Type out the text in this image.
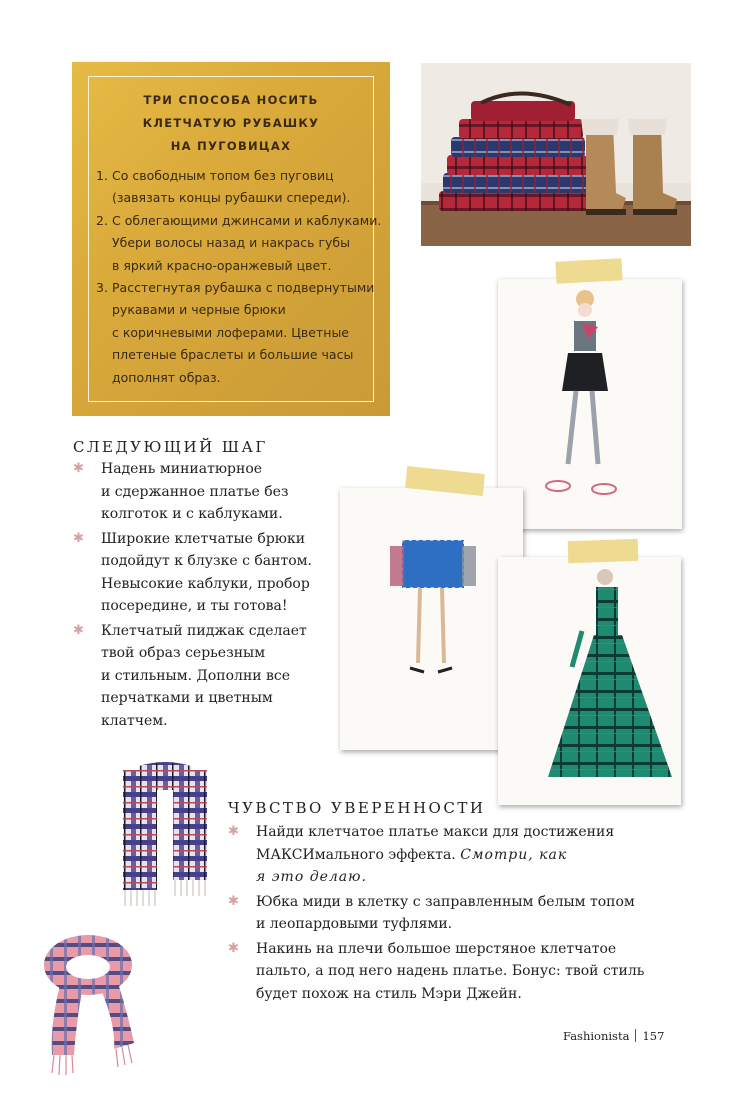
ТРИ СПОСОБА НОСИТЬ
КЛЕТЧАТУЮ РУБАШКУ
НА ПУГОВИЦАХ
1. Со свободным топом без пуговиц
(завязать концы рубашки спереди).
2. С облегающими джинсами и каблуками.
Убери волосы назад и накрась губы
в яркий красно-оранжевый цвет.
3. Расстегнутая рубашка с подвернутыми
рукавами и черные брюки
с коричневыми лоферами. Цветные
плетеные браслеты и большие часы
дополнят образ.
СЛЕДУЮЩИЙ ШАГ
✱ Надень миниатюрное
и сдержанное платье без
колготок и с каблуками.
✱ Широкие клетчатые брюки
подойдут к блузке с бантом.
Невысокие каблуки, пробор
посередине, и ты готова!
✱ Клетчатый пиджак сделает
твой образ серьезным
и стильным. Дополни все
перчатками и цветным
клатчем.
ЧУВСТВО УВЕРЕННОСТИ
✱ Найди клетчатое платье макси для достижения
МАКСИмального эффекта. Смотри, как
я это делаю.
✱ Юбка миди в клетку с заправленным белым топом
и леопардовыми туфлями.
✱ Накинь на плечи большое шерстяное клетчатое
пальто, а под него надень платье. Бонус: твой стиль
будет похож на стиль Мэри Джейн.
Fashionista 157
